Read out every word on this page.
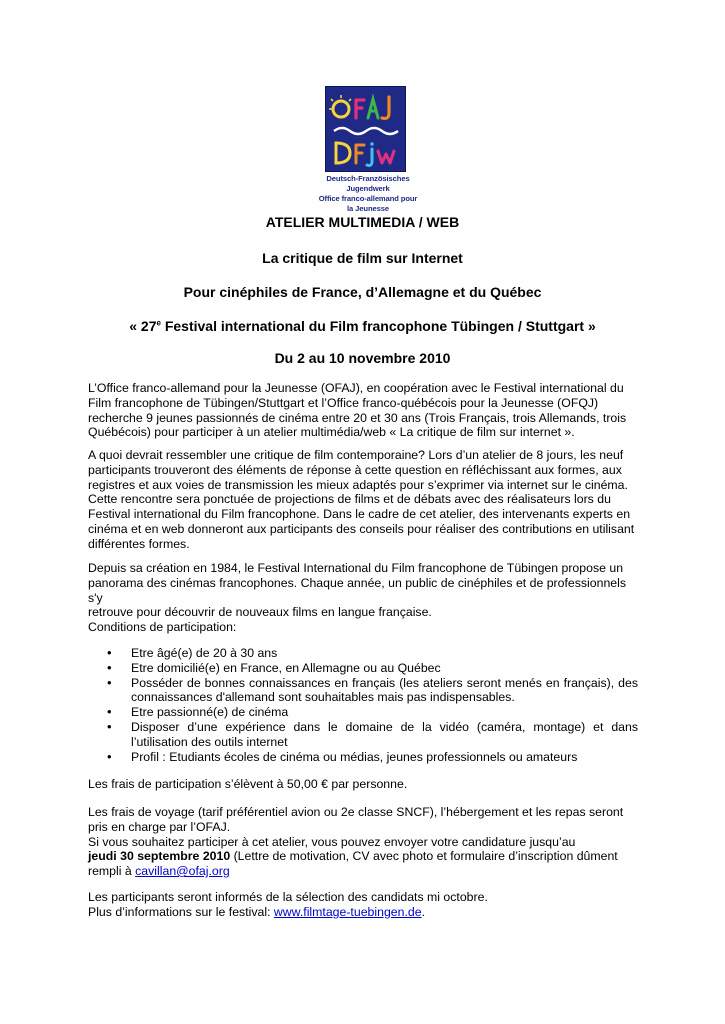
Deutsch-Französisches Jugendwerk
Office franco-allemand pour la Jeunesse
ATELIER MULTIMEDIA / WEB
La critique de film sur Internet
Pour cinéphiles de France, d’Allemagne et du Québec
« 27e Festival international du Film francophone Tübingen / Stuttgart »
Du 2 au 10 novembre 2010

L’Office franco-allemand pour la Jeunesse (OFAJ), en coopération avec le Festival international du

Film francophone de Tübingen/Stuttgart et l’Office franco-québécois pour la Jeunesse (OFQJ)

recherche 9 jeunes passionnés de cinéma entre 20 et 30 ans (Trois Français, trois Allemands, trois

Québécois) pour participer à un atelier multimédia/web « La critique de film sur internet ».

A quoi devrait ressembler une critique de film contemporaine? Lors d’un atelier de 8 jours, les neuf

participants trouveront des éléments de réponse à cette question en réfléchissant aux formes, aux

registres et aux voies de transmission les mieux adaptés pour s’exprimer via internet sur le cinéma.

Cette rencontre sera ponctuée de projections de films et de débats avec des réalisateurs lors du

Festival international du Film francophone. Dans le cadre de cet atelier, des intervenants experts en

cinéma et en web donneront aux participants des conseils pour réaliser des contributions en utilisant

différentes formes.

Depuis sa création en 1984, le Festival International du Film francophone de Tübingen propose un

panorama des cinémas francophones. Chaque année, un public de cinéphiles et de professionnels s'y

retrouve pour découvrir de nouveaux films en langue française.

Conditions de participation:
• Etre âgé(e) de 20 à 30 ans
• Etre domicilié(e) en France, en Allemagne ou au Québec
• Posséder de bonnes connaissances en français (les ateliers seront menés en français), des connaissances d'allemand sont souhaitables mais pas indispensables.
• Etre passionné(e) de cinéma
• Disposer d’une expérience dans le domaine de la vidéo (caméra, montage) et dans l’utilisation des outils internet
• Profil : Etudiants écoles de cinéma ou médias, jeunes professionnels ou amateurs
Les frais de participation s’élèvent à 50,00 € par personne.

Les frais de voyage (tarif préférentiel avion ou 2e classe SNCF), l’hébergement et les repas seront

pris en charge par l’OFAJ.

Si vous souhaitez participer à cet atelier, vous pouvez envoyer votre candidature jusqu’au

jeudi 30 septembre 2010 (Lettre de motivation, CV avec photo et formulaire d’inscription dûment

rempli à cavillan@ofaj.org

Les participants seront informés de la sélection des candidats mi octobre.

Plus d’informations sur le festival: www.filmtage-tuebingen.de.
